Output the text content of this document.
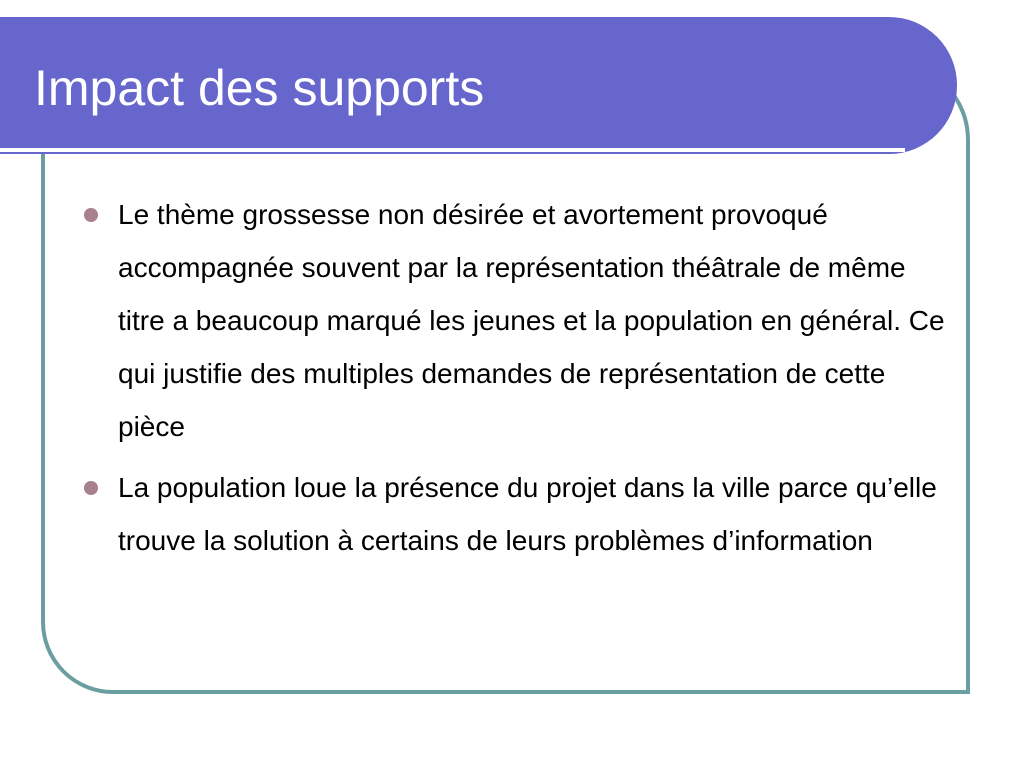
Impact des supports
Le thème grossesse non désirée et avortement provoqué accompagnée souvent par la représentation théâtrale de même titre a beaucoup marqué les jeunes et la population en général. Ce qui justifie des multiples demandes de représentation de cette pièce
La population loue la présence du projet dans la ville parce qu’elle trouve la solution à certains de leurs problèmes d’information
